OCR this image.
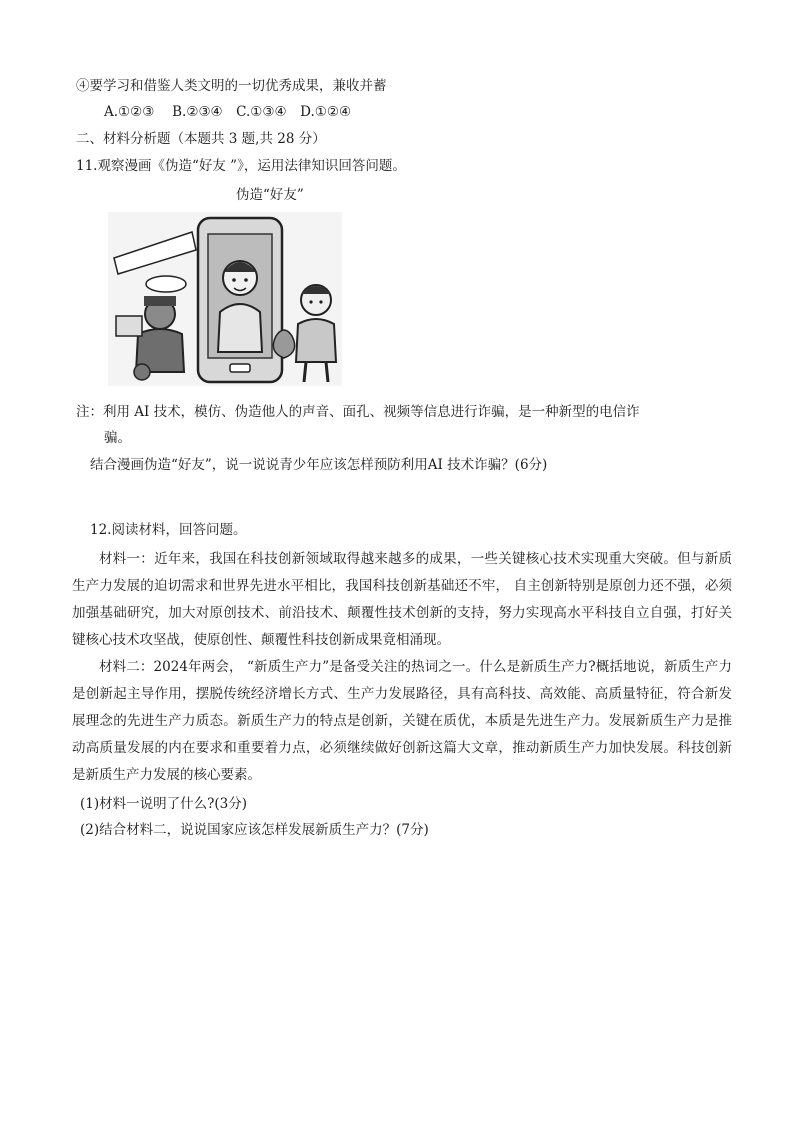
④要学习和借鉴人类文明的一切优秀成果，兼收并蓄
A.①②③　 B.②③④　C.①③④　D.①②④
二、材料分析题（本题共 3 题,共 28 分）
11.观察漫画《伪造“好友 ”》，运用法律知识回答问题。
伪造“好友”
注：利用 AI 技术，模仿、伪造他人的声音、面孔、视频等信息进行诈骗，是一种新型的电信诈
骗。
结合漫画伪造“好友”，说一说说青少年应该怎样预防利用AI 技术诈骗？(6分)
12.阅读材料，回答问题。
材料一：近年来，我国在科技创新领域取得越来越多的成果，一些关键核心技术实现重大突破。但与新质生产力发展的迫切需求和世界先进水平相比，我国科技创新基础还不牢， 自主创新特别是原创力还不强，必须加强基础研究，加大对原创技术、前沿技术、颠覆性技术创新的支持，努力实现高水平科技自立自强，打好关键核心技术攻坚战，使原创性、颠覆性科技创新成果竟相涌现。
材料二：2024年两会， “新质生产力”是备受关注的热词之一。什么是新质生产力?概括地说，新质生产力是创新起主导作用，摆脱传统经济增长方式、生产力发展路径，具有高科技、高效能、高质量特征，符合新发展理念的先进生产力质态。新质生产力的特点是创新，关键在质优，本质是先进生产力。发展新质生产力是推动高质量发展的内在要求和重要着力点，必须继续做好创新这篇大文章，推动新质生产力加快发展。科技创新是新质生产力发展的核心要素。
(1)材料一说明了什么?(3分)
(2)结合材料二，说说国家应该怎样发展新质生产力？(7分)
